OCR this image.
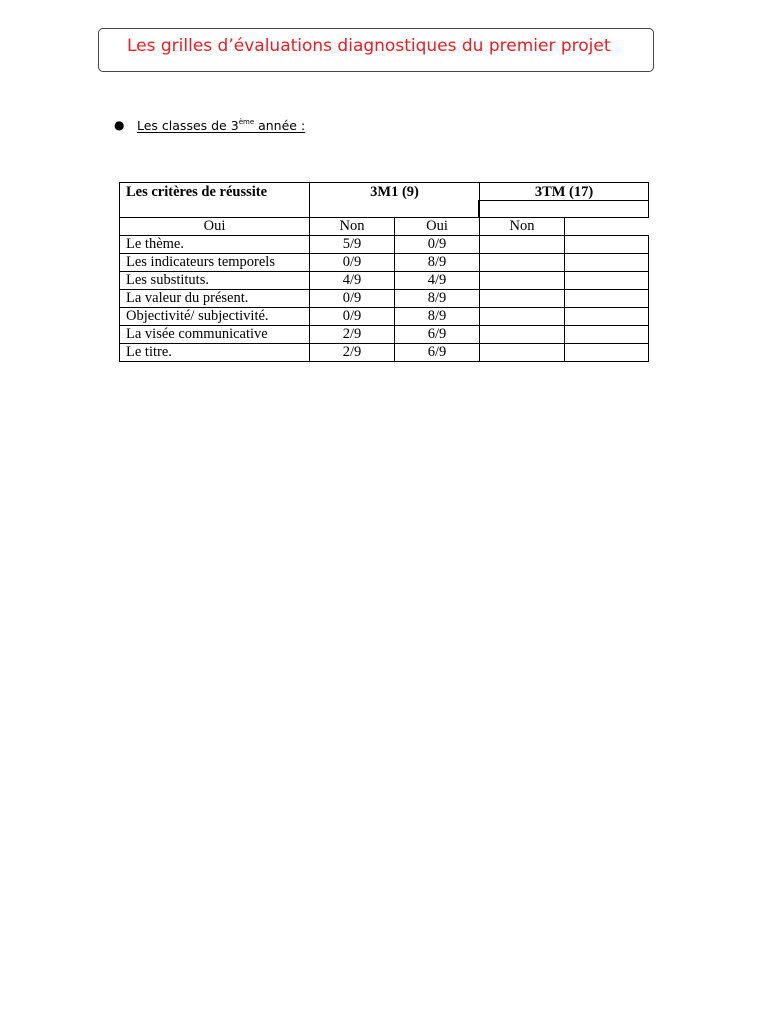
Les grilles d’évaluations diagnostiques du premier projet
● Les classes de 3ème année :
Les critères de réussite	3M1 (9)		3TM (17)	

Oui	Non	Oui	Non	
Le thème.	5/9	0/9		
Les indicateurs temporels	0/9	8/9		
Les substituts.	4/9	4/9		
La valeur du présent.	0/9	8/9		
Objectivité/ subjectivité.	0/9	8/9		
La visée communicative	2/9	6/9		
Le titre.	2/9	6/9		
